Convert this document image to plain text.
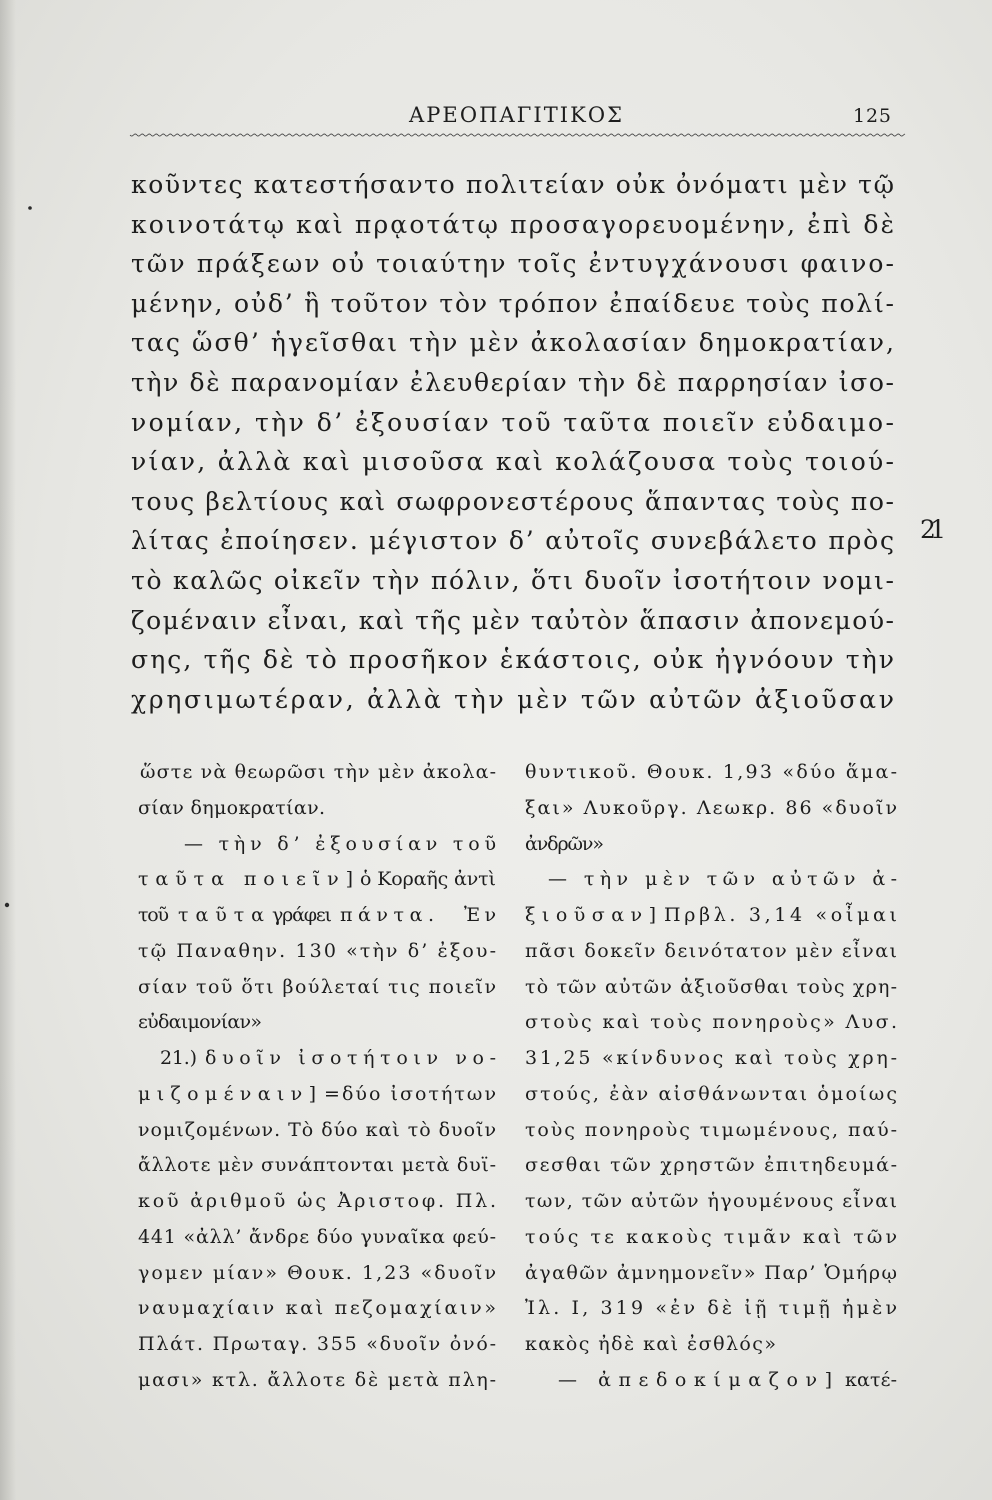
ΑΡΕΟΠΑΓΙΤΙΚΟΣ	125
κοῦντες κατεστήσαντο πολιτείαν οὐκ ὀνόματι μὲν τῷ
κοινοτάτῳ καὶ πρᾳοτάτῳ προσαγορευομένην, ἐπὶ δὲ
τῶν πράξεων οὐ τοιαύτην τοῖς ἐντυγχάνουσι φαινο-
μένην, οὐδ’ ἣ τοῦτον τὸν τρόπον ἐπαίδευε τοὺς πολί-
τας ὥσθ’ ἡγεῖσθαι τὴν μὲν ἀκολασίαν δημοκρατίαν,
τὴν δὲ παρανομίαν ἐλευθερίαν τὴν δὲ παρρησίαν ἰσο-
νομίαν, τὴν δ’ ἐξουσίαν τοῦ ταῦτα ποιεῖν εὐδαιμο-
νίαν, ἀλλὰ καὶ μισοῦσα καὶ κολάζουσα τοὺς τοιού-
τους βελτίους καὶ σωφρονεστέρους ἅπαντας τοὺς πο-
λίτας ἐποίησεν. μέγιστον δ’ αὐτοῖς συνεβάλετο πρὸς
τὸ καλῶς οἰκεῖν τὴν πόλιν, ὅτι δυοῖν ἰσοτήτοιν νομι-
ζομέναιν εἶναι, καὶ τῆς μὲν ταὐτὸν ἅπασιν ἀπονεμού-
σης, τῆς δὲ τὸ προσῆκον ἑκάστοις, οὐκ ἠγνόουν τὴν
χρησιμωτέραν, ἀλλὰ τὴν μὲν τῶν αὐτῶν ἀξιοῦσαν
21
ὥστε νὰ θεωρῶσι τὴν μὲν ἀκολα-
σίαν δημοκρατίαν.
— τὴν δ’ ἐξουσίαν τοῦ
ταῦτα ποιεῖν] ὁ Κοραῆς ἀντὶ
τοῦ ταῦτα γράφει πάντα. Ἐν
τῷ Παναθην. 130 «τὴν δ’ ἐξου-
σίαν τοῦ ὅτι βούλεταί τις ποιεῖν
εὐδαιμονίαν»
21.) δυοῖν ἰσοτήτοιν νο-
μιζομέναιν] =δύο ἰσοτήτων
νομιζομένων. Τὸ δύο καὶ τὸ δυοῖν
ἄλλοτε μὲν συνάπτονται μετὰ δυϊ-
κοῦ ἀριθμοῦ ὡς Ἀριστοφ. Πλ.
441 «ἀλλ’ ἄνδρε δύο γυναῖκα φεύ-
γομεν μίαν» Θουκ. 1,23 «δυοῖν
ναυμαχίαιν καὶ πεζομαχίαιν»
Πλάτ. Πρωταγ. 355 «δυοῖν ὀνό-
μασι» κτλ. ἄλλοτε δὲ μετὰ πλη-
θυντικοῦ. Θουκ. 1,93 «δύο ἅμα-
ξαι» Λυκοῦργ. Λεωκρ. 86 «δυοῖν
ἀνδρῶν»
— τὴν μὲν τῶν αὐτῶν ἀ-
ξιοῦσαν] Πρβλ. 3,14 «οἶμαι
πᾶσι δοκεῖν δεινότατον μὲν εἶναι
τὸ τῶν αὐτῶν ἀξιοῦσθαι τοὺς χρη-
στοὺς καὶ τοὺς πονηροὺς» Λυσ.
31,25 «κίνδυνος καὶ τοὺς χρη-
στούς, ἐὰν αἰσθάνωνται ὁμοίως
τοὺς πονηροὺς τιμωμένους, παύ-
σεσθαι τῶν χρηστῶν ἐπιτηδευμά-
των, τῶν αὐτῶν ἡγουμένους εἶναι
τούς τε κακοὺς τιμᾶν καὶ τῶν
ἀγαθῶν ἀμνημονεῖν» Παρ’ Ὁμήρῳ
Ἰλ. Ι, 319 «ἐν δὲ ἰῇ τιμῇ ἠμὲν
κακὸς ἠδὲ καὶ ἐσθλός»
— ἀπεδοκίμαζον] κατέ-
